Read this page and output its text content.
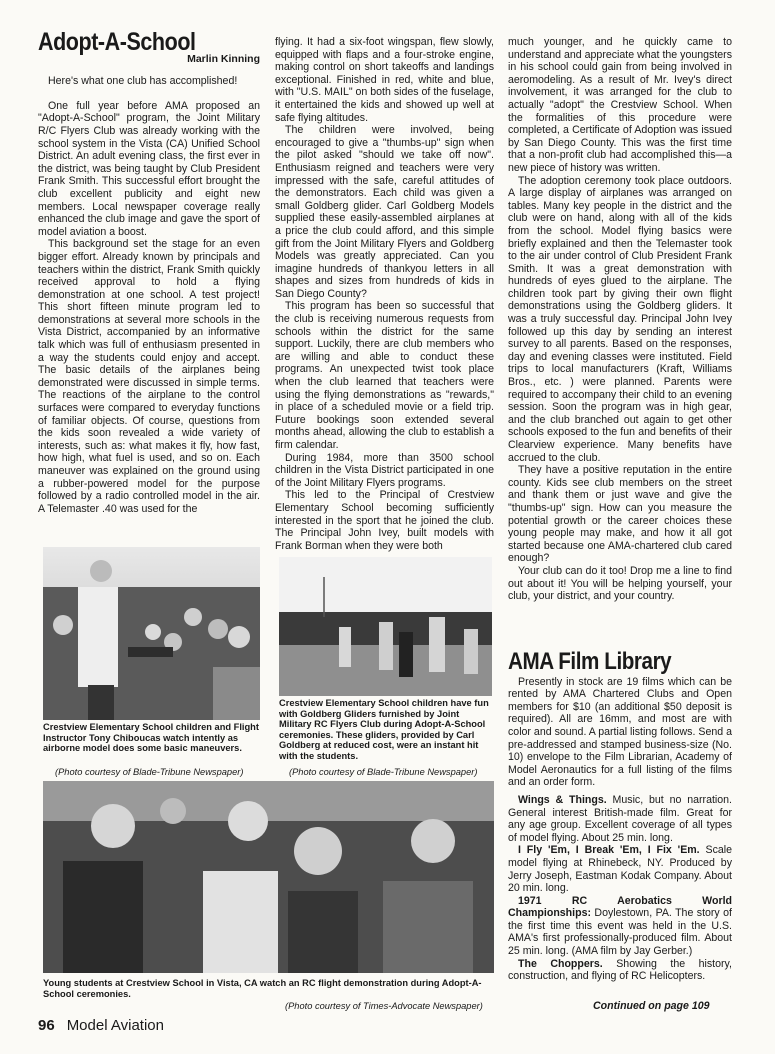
Adopt-A-School
Marlin Kinning

Here's what one club has accomplished!

One full year before AMA proposed an "Adopt-A-School" program, the Joint Military R/C Flyers Club was already working with the school system in the Vista (CA) Unified School District. An adult evening class, the first ever in the district, was being taught by Club President Frank Smith. This successful effort brought the club excellent publicity and eight new members. Local newspaper coverage really enhanced the club image and gave the sport of model aviation a boost.

This background set the stage for an even bigger effort. Already known by principals and teachers within the district, Frank Smith quickly received approval to hold a flying demonstration at one school. A test project! This short fifteen minute program led to demonstrations at several more schools in the Vista District, accompanied by an informative talk which was full of enthusiasm presented in a way the students could enjoy and accept. The basic details of the airplanes being demonstrated were discussed in simple terms. The reactions of the airplane to the control surfaces were compared to everyday functions of familiar objects. Of course, questions from the kids soon revealed a wide variety of interests, such as: what makes it fly, how fast, how high, what fuel is used, and so on. Each maneuver was explained on the ground using a rubber-powered model for the purpose followed by a radio controlled model in the air. A Telemaster .40 was used for the

flying. It had a six-foot wingspan, flew slowly, equipped with flaps and a four-stroke engine, making control on short takeoffs and landings exceptional. Finished in red, white and blue, with "U.S. MAIL" on both sides of the fuselage, it entertained the kids and showed up well at safe flying altitudes.

The children were involved, being encouraged to give a "thumbs-up" sign when the pilot asked "should we take off now". Enthusiasm reigned and teachers were very impressed with the safe, careful attitudes of the demonstrators. Each child was given a small Goldberg glider. Carl Goldberg Models supplied these easily-assembled airplanes at a price the club could afford, and this simple gift from the Joint Military Flyers and Goldberg Models was greatly appreciated. Can you imagine hundreds of thankyou letters in all shapes and sizes from hundreds of kids in San Diego County?

This program has been so successful that the club is receiving numerous requests from schools within the district for the same support. Luckily, there are club members who are willing and able to conduct these programs. An unexpected twist took place when the club learned that teachers were using the flying demonstrations as "rewards," in place of a scheduled movie or a field trip. Future bookings soon extended several months ahead, allowing the club to establish a firm calendar.

During 1984, more than 3500 school children in the Vista District participated in one of the Joint Military Flyers programs.

This led to the Principal of Crestview Elementary School becoming sufficiently interested in the sport that he joined the club. The Principal John Ivey, built models with Frank Borman when they were both

much younger, and he quickly came to understand and appreciate what the youngsters in his school could gain from being involved in aeromodeling. As a result of Mr. Ivey's direct involvement, it was arranged for the club to actually "adopt" the Crestview School. When the formalities of this procedure were completed, a Certificate of Adoption was issued by San Diego County. This was the first time that a non-profit club had accomplished this—a new piece of history was written.

The adoption ceremony took place outdoors. A large display of airplanes was arranged on tables. Many key people in the district and the club were on hand, along with all of the kids from the school. Model flying basics were briefly explained and then the Telemaster took to the air under control of Club President Frank Smith. It was a great demonstration with hundreds of eyes glued to the airplane. The children took part by giving their own flight demonstrations using the Goldberg gliders. It was a truly successful day. Principal John Ivey followed up this day by sending an interest survey to all parents. Based on the responses, day and evening classes were instituted. Field trips to local manufacturers (Kraft, Williams Bros., etc. ) were planned. Parents were required to accompany their child to an evening session. Soon the program was in high gear, and the club branched out again to get other schools exposed to the fun and benefits of their Clearview experience. Many benefits have accrued to the club.

They have a positive reputation in the entire county. Kids see club members on the street and thank them or just wave and give the "thumbs-up" sign. How can you measure the potential growth or the career choices these young people may make, and how it all got started because one AMA-chartered club cared enough?

Your club can do it too! Drop me a line to find out about it! You will be helping yourself, your club, your district, and your country.

Crestview Elementary School children and Flight Instructor Tony Chiboucas watch intently as airborne model does some basic maneuvers.
(Photo courtesy of Blade-Tribune Newspaper)
Crestview Elementary School children have fun with Goldberg Gliders furnished by Joint Military RC Flyers Club during Adopt-A-School ceremonies. These gliders, provided by Carl Goldberg at reduced cost, were an instant hit with the students.
(Photo courtesy of Blade-Tribune Newspaper)
Young students at Crestview School in Vista, CA watch an RC flight demonstration during Adopt-A-School ceremonies.
(Photo courtesy of Times-Advocate Newspaper)
AMA Film Library

Presently in stock are 19 films which can be rented by AMA Chartered Clubs and Open members for $10 (an additional $50 deposit is required). All are 16mm, and most are with color and sound. A partial listing follows. Send a pre-addressed and stamped business-size (No. 10) envelope to the Film Librarian, Academy of Model Aeronautics for a full listing of the films and an order form.

Wings & Things. Music, but no narration. General interest British-made film. Great for any age group. Excellent coverage of all types of model flying. About 25 min. long.

I Fly 'Em, I Break 'Em, I Fix 'Em. Scale model flying at Rhinebeck, NY. Produced by Jerry Joseph, Eastman Kodak Company. About 20 min. long.

1971 RC Aerobatics World Championships: Doylestown, PA. The story of the first time this event was held in the U.S. AMA's first professionally-produced film. About 25 min. long. (AMA film by Jay Gerber.)

The Choppers. Showing the history, construction, and flying of RC Helicopters.

Continued on page 109
96 Model Aviation
